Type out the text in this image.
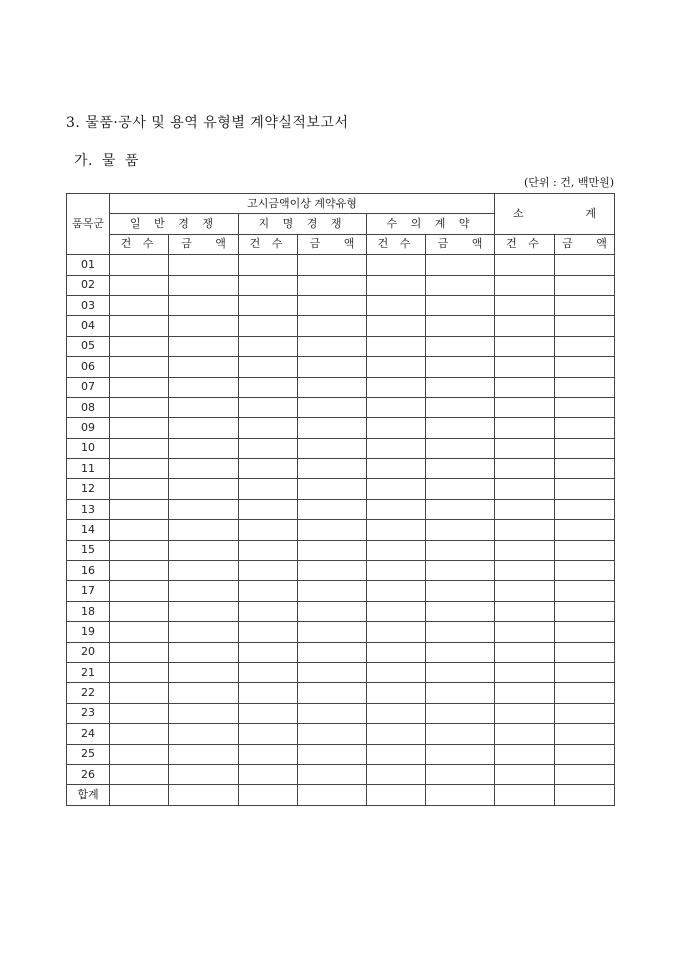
3. 물품·공사 및 용역 유형별 계약실적보고서
가. 물 품
(단위 : 건, 백만원)
품목군	고시금액이상 계약유형						소 계	

	일 반 경 쟁		지 명 경 쟁		수 의 계 약			
	건 수	금 액	건 수	금 액	건 수	금 액	건 수	금 액
01								
02								
03								
04								
05								
06								
07								
08								
09								
10								
11								
12								
13								
14								
15								
16								
17								
18								
19								
20								
21								
22								
23								
24								
25								
26								
합계								
